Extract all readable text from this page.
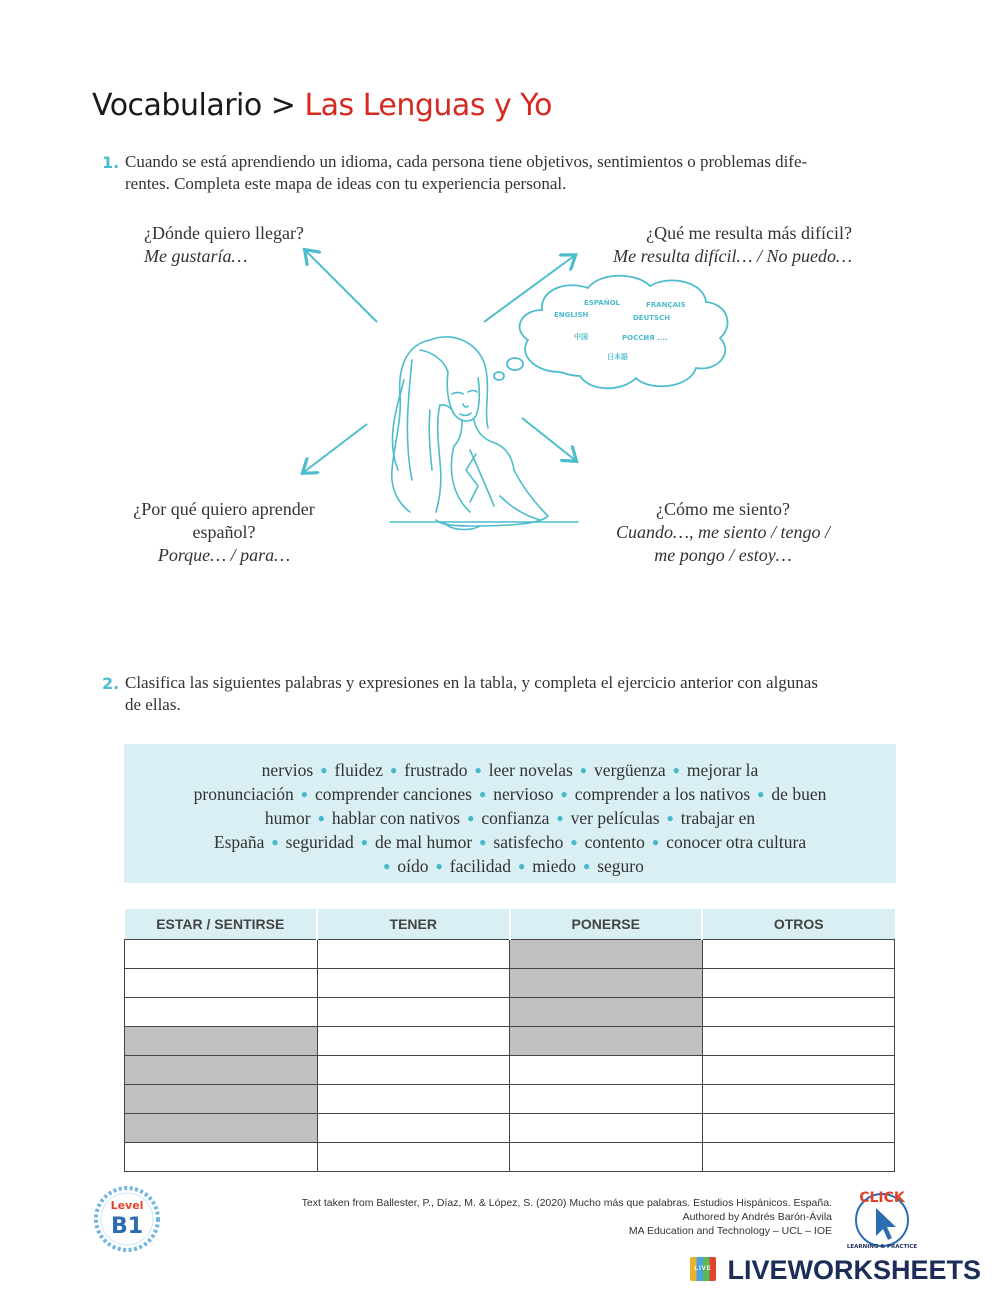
Vocabulario > Las Lenguas y Yo
1. Cuando se está aprendiendo un idioma, cada persona tiene objetivos, sentimientos o problemas dife-
rentes. Completa este mapa de ideas con tu experiencia personal.
¿Dónde quiero llegar?
Me gustaría…
¿Qué me resulta más difícil?
Me resulta difícil… / No puedo…
¿Por qué quiero aprender
español?
Porque… / para…
¿Cómo me siento?
Cuando…, me siento / tengo /
me pongo / estoy…
ESPAÑOL	FRANÇAIS
ENGLISH	DEUTSCH
中国	РОССИЯ ....
日本語
2. Clasifica las siguientes palabras y expresiones en la tabla, y completa el ejercicio anterior con algunas
de ellas.
nervios ● fluidez ● frustrado ● leer novelas ● vergüenza ● mejorar la
pronunciación ● comprender canciones ● nervioso ● comprender a los nativos ● de buen
humor ● hablar con nativos ● confianza ● ver películas ● trabajar en
España ● seguridad ● de mal humor ● satisfecho ● contento ● conocer otra cultura
● oído ● facilidad ● miedo ● seguro
ESTAR / SENTIRSE	TENER	PONERSE	OTROS

Level
B1
Text taken from Ballester, P., Díaz, M. & López, S. (2020) Mucho más que palabras. Estudios Hispánicos. España.
Authored by Andrés Barón-Ávila
MA Education and Technology – UCL – IOE
CLICK
LEARNING & PRACTICE
LIVE LIVEWORKSHEETS
